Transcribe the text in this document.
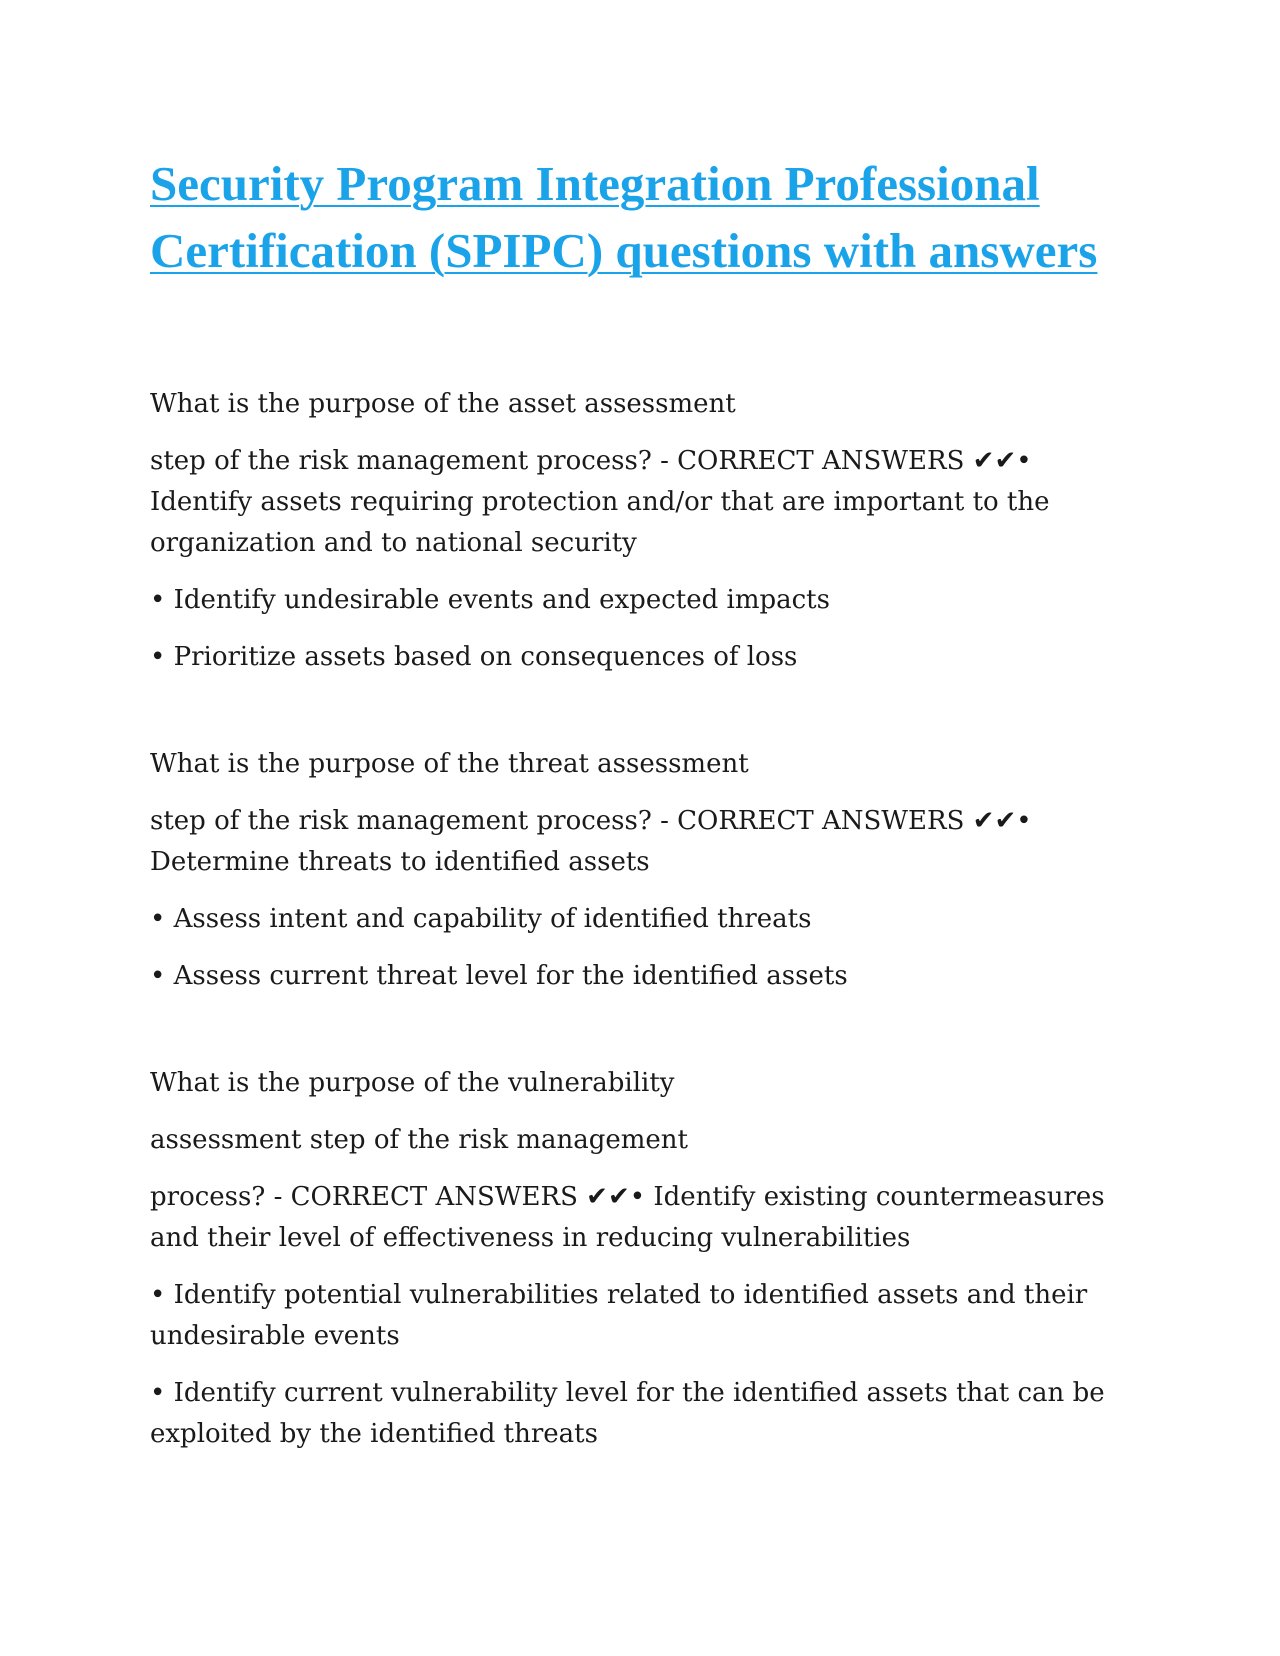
Security Program Integration Professional
Certification (SPIPC) questions with answers

What is the purpose of the asset assessment

step of the risk management process? - CORRECT ANSWERS ✔✔• Identify assets requiring protection and/or that are important to the organization and to national security

• Identify undesirable events and expected impacts

• Prioritize assets based on consequences of loss

What is the purpose of the threat assessment

step of the risk management process? - CORRECT ANSWERS ✔✔• Determine threats to identified assets

• Assess intent and capability of identified threats

• Assess current threat level for the identified assets

What is the purpose of the vulnerability

assessment step of the risk management

process? - CORRECT ANSWERS ✔✔• Identify existing countermeasures and their level of effectiveness in reducing vulnerabilities

• Identify potential vulnerabilities related to identified assets and their undesirable events

• Identify current vulnerability level for the identified assets that can be exploited by the identified threats
